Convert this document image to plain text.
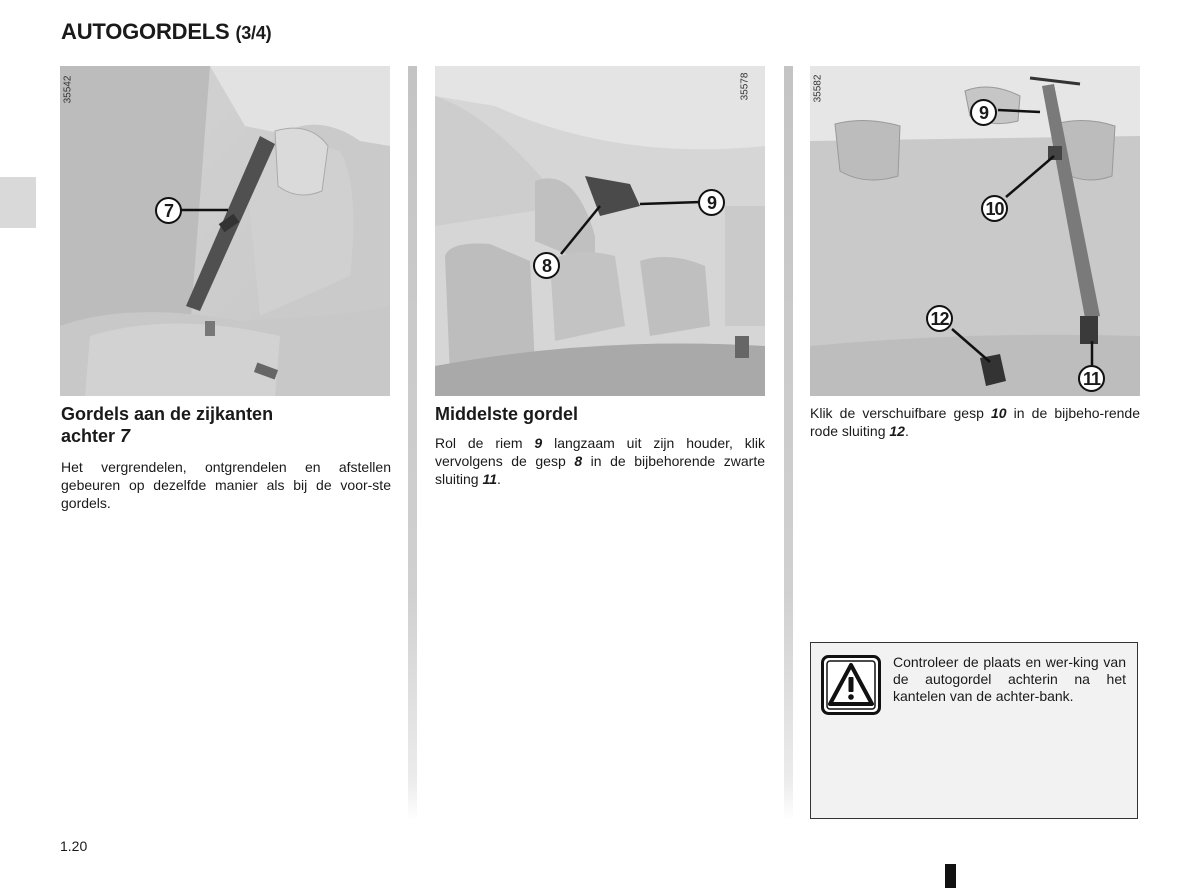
AUTOGORDELS (3/4)
35542
7
35578
9
8
35582
9
10
12
11
Gordels aan de zijkanten
achter 7

Het vergrendelen, ontgrendelen en afstellen gebeuren op dezelfde manier als bij de voor-ste gordels.

Middelste gordel

Rol de riem 9 langzaam uit zijn houder, klik vervolgens de gesp 8 in de bijbehorende zwarte sluiting 11.

Klik de verschuifbare gesp 10 in de bijbeho-rende rode sluiting 12.

Controleer de plaats en wer-king van de autogordel achterin na het kantelen van de achter-bank.

1.20
